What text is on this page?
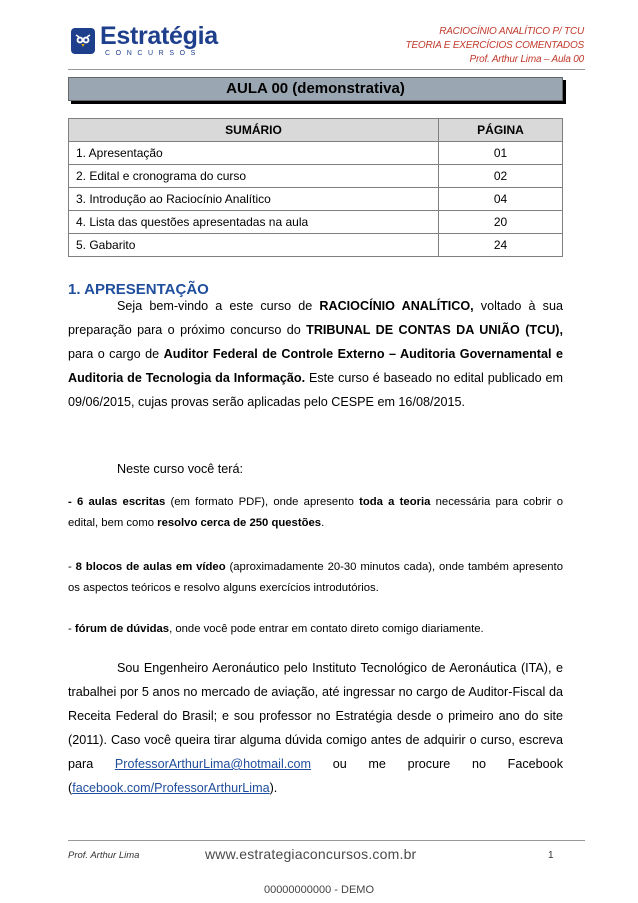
Estratégia
CONCURSOS
RACIOCÍNIO ANALÍTICO P/ TCU
TEORIA E EXERCÍCIOS COMENTADOS
Prof. Arthur Lima – Aula 00
AULA 00 (demonstrativa)
SUMÁRIO	PÁGINA
1. Apresentação	01
2. Edital e cronograma do curso	02
3. Introdução ao Raciocínio Analítico	04
4. Lista das questões apresentadas na aula	20
5. Gabarito	24
1. APRESENTAÇÃO
Seja bem-vindo a este curso de RACIOCÍNIO ANALÍTICO, voltado à sua preparação para o próximo concurso do TRIBUNAL DE CONTAS DA UNIÃO (TCU), para o cargo de Auditor Federal de Controle Externo – Auditoria Governamental e Auditoria de Tecnologia da Informação. Este curso é baseado no edital publicado em 09/06/2015, cujas provas serão aplicadas pelo CESPE em 16/08/2015.
Neste curso você terá:
- 6 aulas escritas (em formato PDF), onde apresento toda a teoria necessária para cobrir o edital, bem como resolvo cerca de 250 questões.
- 8 blocos de aulas em vídeo (aproximadamente 20-30 minutos cada), onde também apresento os aspectos teóricos e resolvo alguns exercícios introdutórios.
- fórum de dúvidas, onde você pode entrar em contato direto comigo diariamente.
Sou Engenheiro Aeronáutico pelo Instituto Tecnológico de Aeronáutica (ITA), e trabalhei por 5 anos no mercado de aviação, até ingressar no cargo de Auditor-Fiscal da Receita Federal do Brasil; e sou professor no Estratégia desde o primeiro ano do site (2011). Caso você queira tirar alguma dúvida comigo antes de adquirir o curso, escreva para ProfessorArthurLima@hotmail.com ou me procure no Facebook (facebook.com/ProfessorArthurLima).
Prof. Arthur Lima	www.estrategiaconcursos.com.br	1
00000000000 - DEMO
